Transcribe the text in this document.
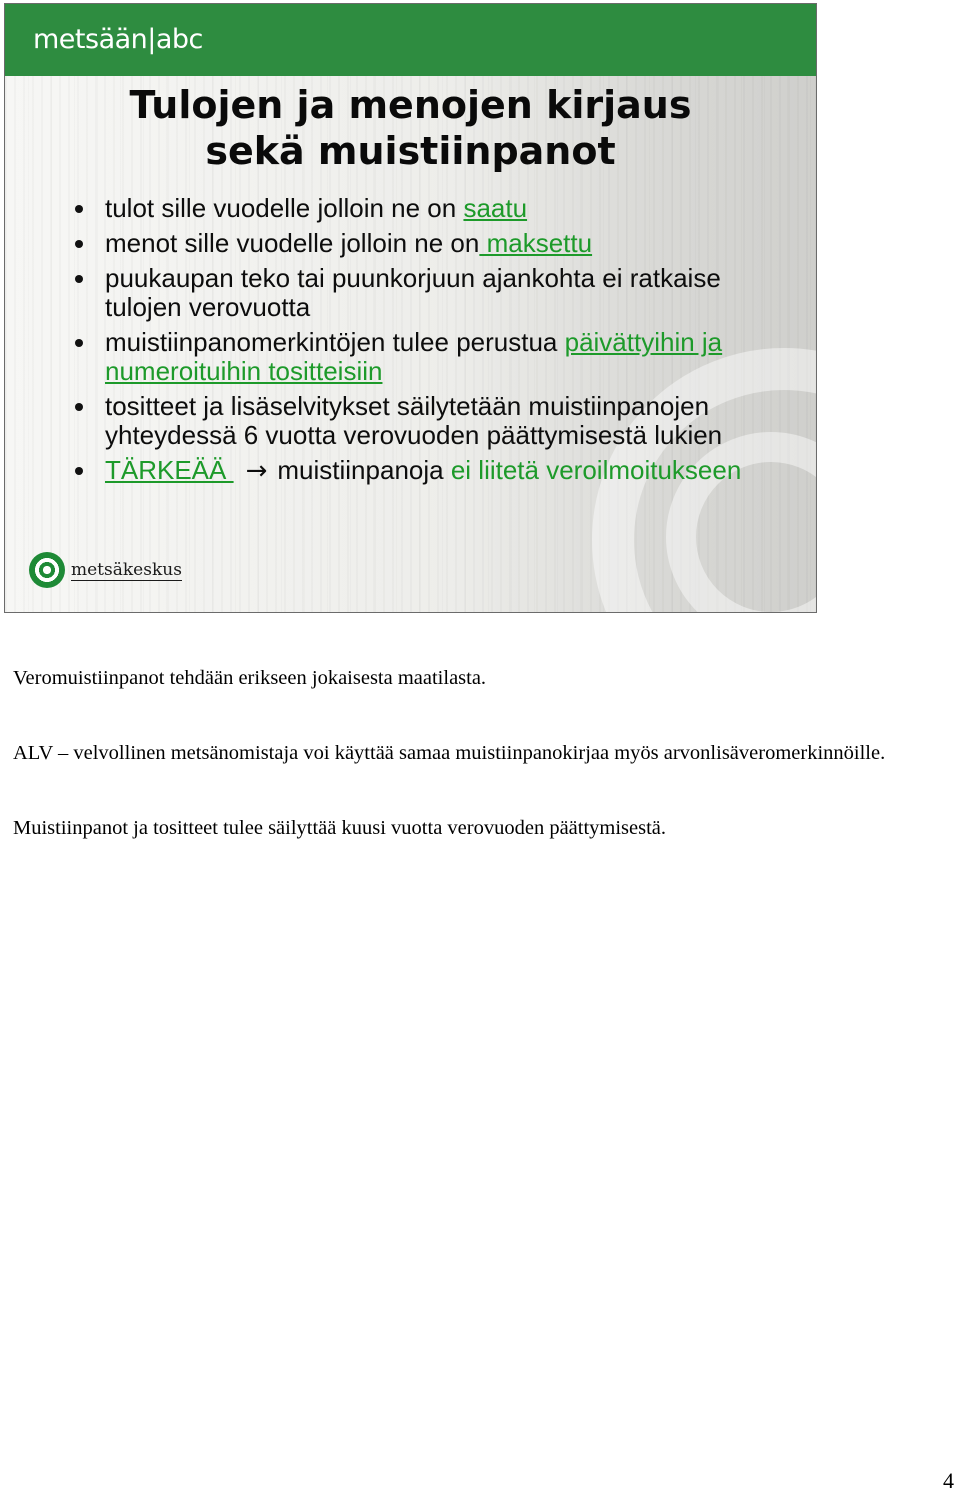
metsään|abc
Tulojen ja menojen kirjaus
sekä muistiinpanot
tulot sille vuodelle jolloin ne on saatu
menot sille vuodelle jolloin ne on maksettu
puukaupan teko tai puunkorjuun ajankohta ei ratkaise tulojen verovuotta
muistiinpanomerkintöjen tulee perustua päivättyihin ja numeroituihin tositteisiin
tositteet ja lisäselvitykset säilytetään muistiinpanojen yhteydessä 6 vuotta verovuoden päättymisestä lukien
TÄRKEÄÄ → muistiinpanoja ei liitetä veroilmoitukseen
metsäkeskus

Veromuistiinpanot tehdään erikseen jokaisesta maatilasta.

ALV – velvollinen metsänomistaja voi käyttää samaa muistiinpanokirjaa myös arvonlisäveromerkinnöille.

Muistiinpanot ja tositteet tulee säilyttää kuusi vuotta verovuoden päättymisestä.

4
